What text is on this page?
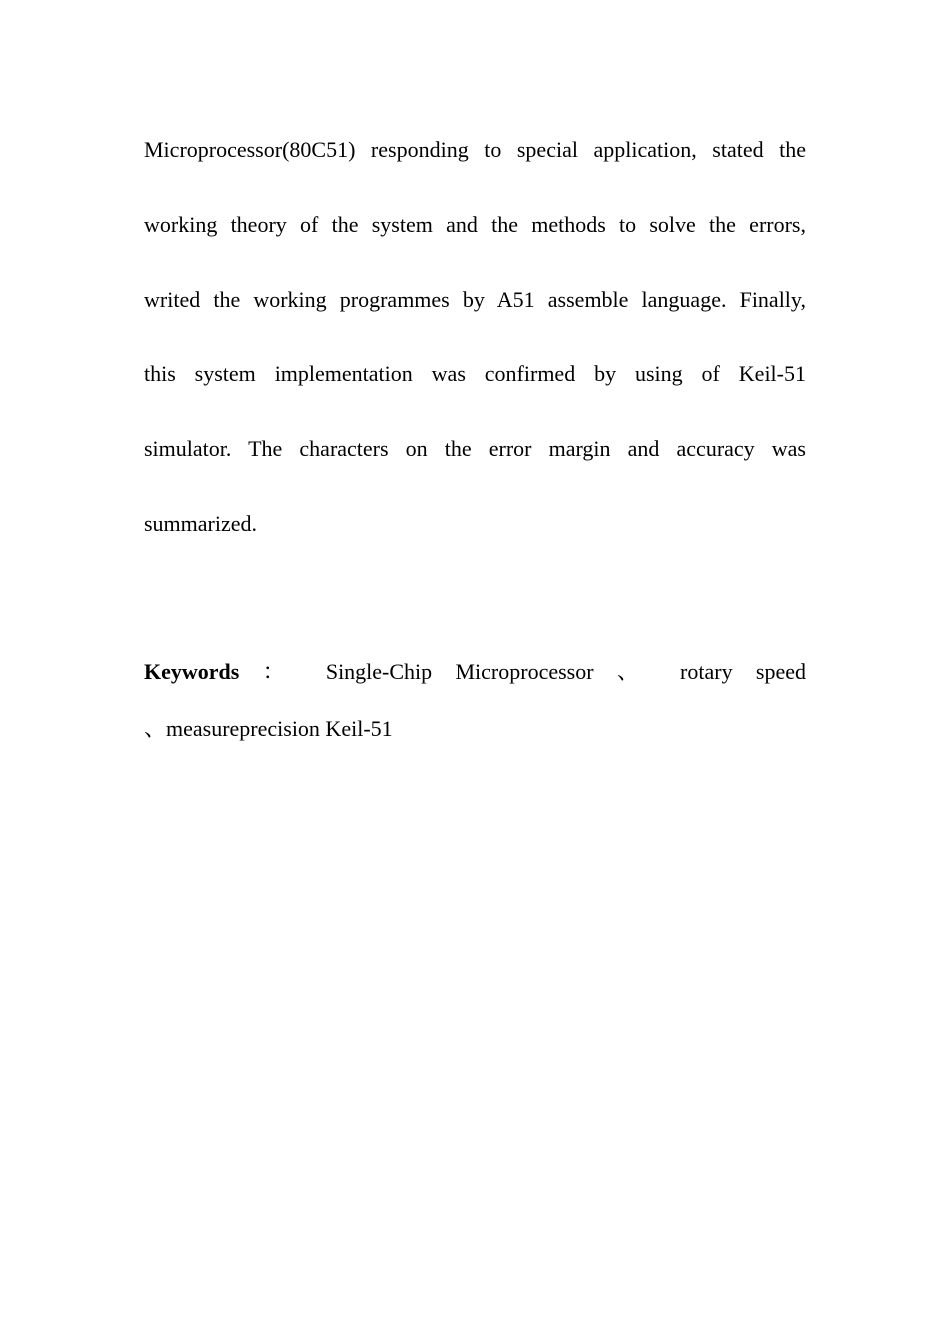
Microprocessor(80C51) responding to special application, stated the
working theory of the system and the methods to solve the errors,
writed the working programmes by A51 assemble language. Finally,
this system implementation was confirmed by using of Keil-51
simulator. The characters on the error margin and accuracy was
summarized.
Keywords ： Single-Chip Microprocessor 、 rotary speed
、measureprecision Keil-51
